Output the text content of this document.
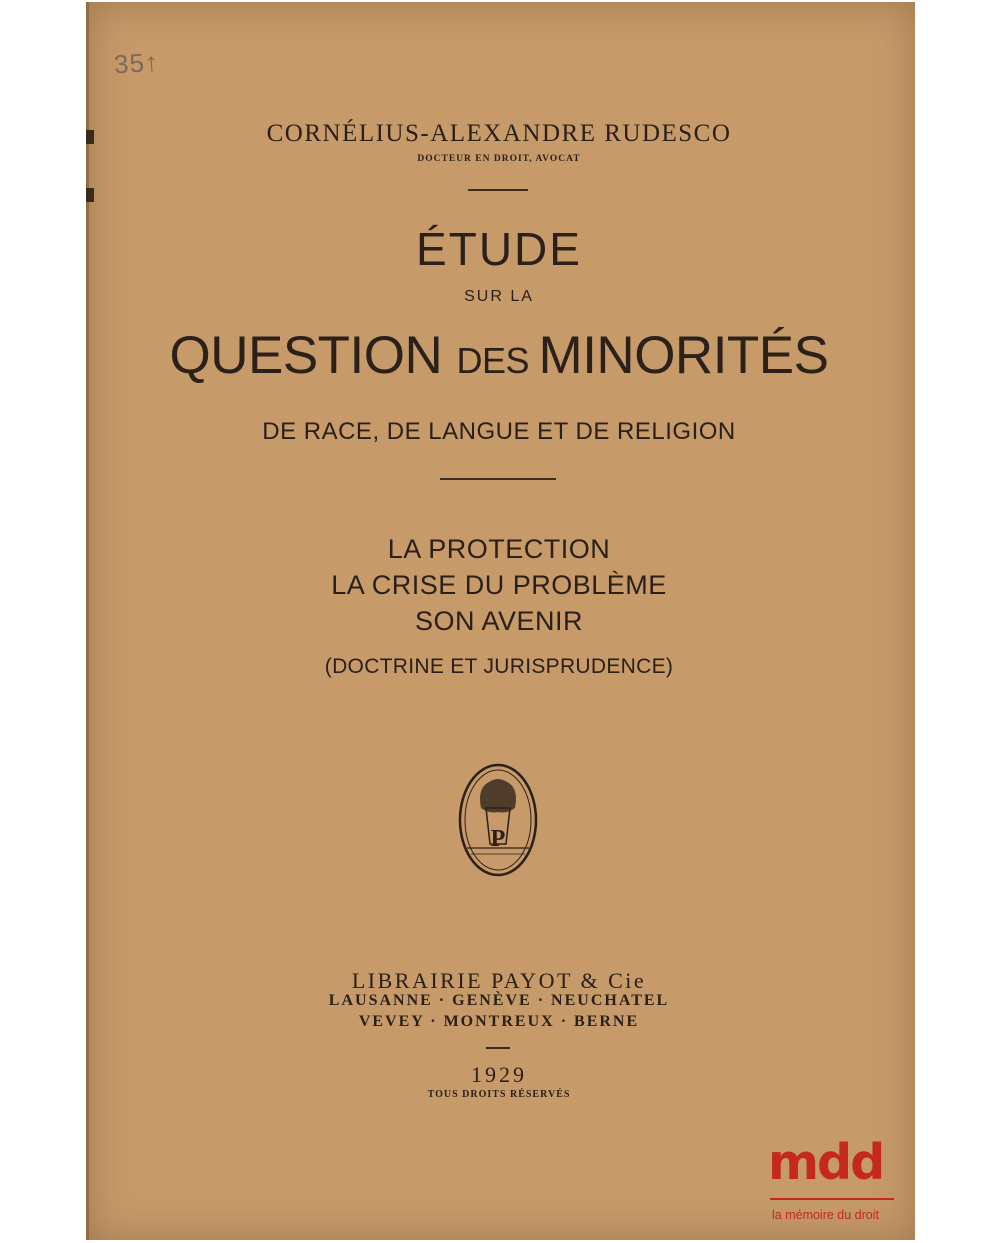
35↑
CORNÉLIUS-ALEXANDRE RUDESCO
DOCTEUR EN DROIT, AVOCAT
ÉTUDE
SUR LA
QUESTION DES MINORITÉS
DE RACE, DE LANGUE ET DE RELIGION
LA PROTECTION
LA CRISE DU PROBLÈME
SON AVENIR
(DOCTRINE ET JURISPRUDENCE)
P
LIBRAIRIE PAYOT & Cie
LAUSANNE · GENÈVE · NEUCHATEL
VEVEY · MONTREUX · BERNE
1929
TOUS DROITS RÉSERVÉS
mdd
la mémoire du droit
